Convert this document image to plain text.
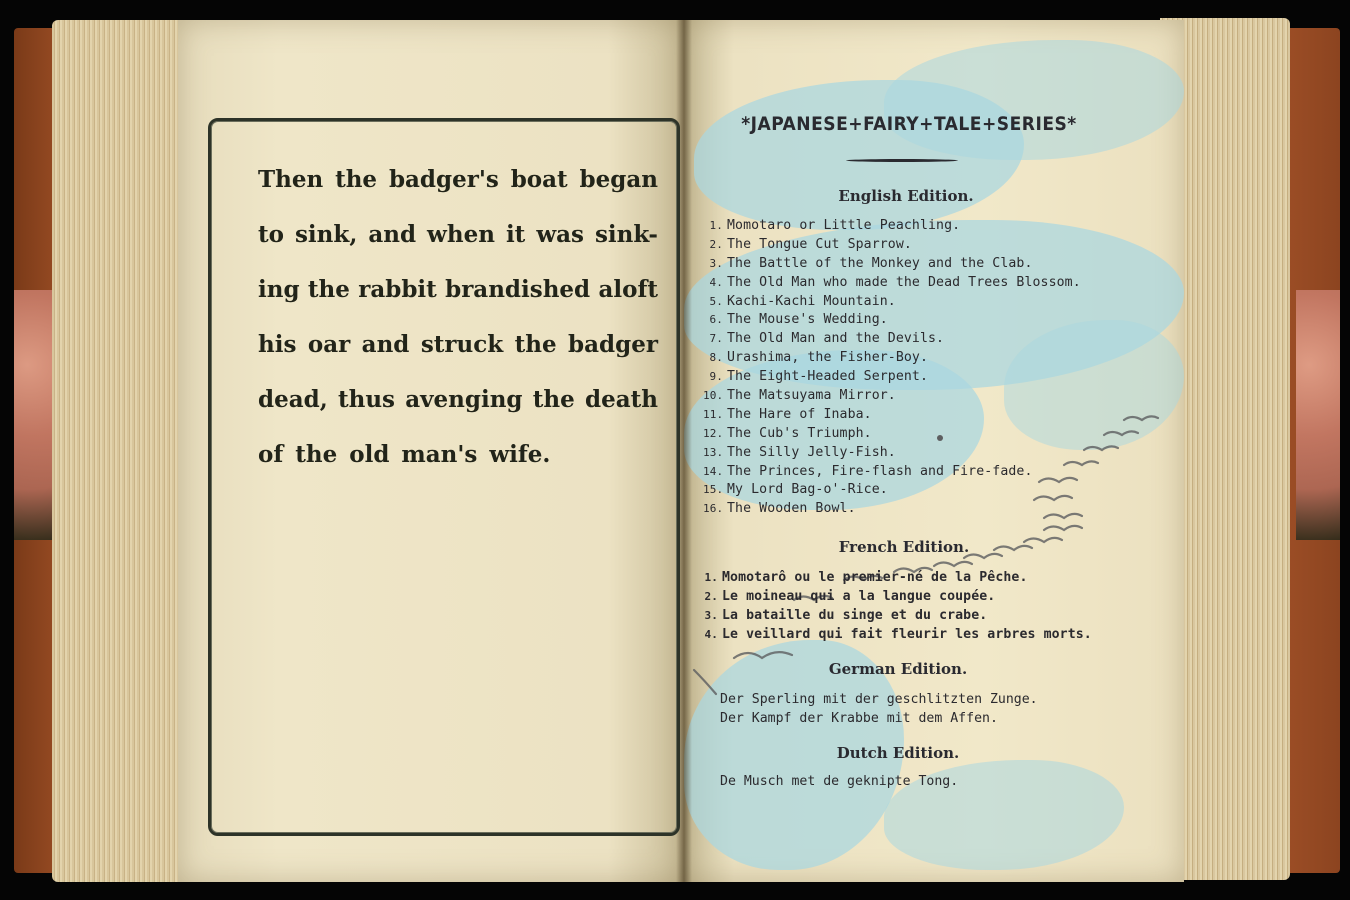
Then the badger's boat began
to sink, and when it was sink-
ing the rabbit brandished aloft
his oar and struck the badger
dead, thus avenging the death
of the old man's wife.
*JAPANESE+FAIRY+TALE+SERIES*
English Edition.
1. Momotaro or Little Peachling.
2. The Tongue Cut Sparrow.
3. The Battle of the Monkey and the Clab.
4. The Old Man who made the Dead Trees Blossom.
5. Kachi-Kachi Mountain.
6. The Mouse's Wedding.
7. The Old Man and the Devils.
8. Urashima, the Fisher-Boy.
9. The Eight-Headed Serpent.
10. The Matsuyama Mirror.
11. The Hare of Inaba.
12. The Cub's Triumph.
13. The Silly Jelly-Fish.
14. The Princes, Fire-flash and Fire-fade.
15. My Lord Bag-o'-Rice.
16. The Wooden Bowl.
French Edition.
1. Momotarô ou le premier-né de la Pêche.
2. Le moineau qui a la langue coupée.
3. La bataille du singe et du crabe.
4. Le veillard qui fait fleurir les arbres morts.
German Edition.
Der Sperling mit der geschlitzten Zunge.
Der Kampf der Krabbe mit dem Affen.
Dutch Edition.
De Musch met de geknipte Tong.
